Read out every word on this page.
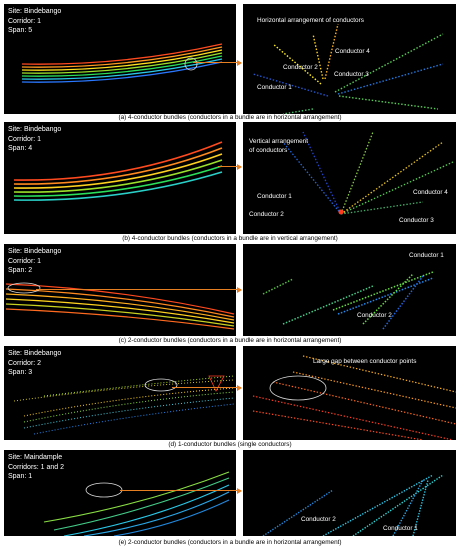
Site: Bindebango
Corridor: 1
Span: 5
Horizontal arrangement of conductors
Conductor 4
Conductor 2
Conductor 3
Conductor 1
(a) 4-conductor bundles (conductors in a bundle are in horizontal arrangement)
Site: Bindebango
Corridor: 1
Span: 4
Vertical arrangement
of conductors
Conductor 1
Conductor 4
Conductor 2
Conductor 3
(b) 4-conductor bundles (conductors in a bundle are in vertical arrangement)
Site: Bindebango
Corridor: 1
Span: 2
Conductor 1
Conductor 2
(c) 2-conductor bundles (conductors in a bundle are in horizontal arrangement)
Site: Bindebango
Corridor: 2
Span: 3
Large gap between conductor points
(d) 1-conductor bundles (single conductors)
Site: Maindample
Corridors: 1 and 2
Span: 1
Conductor 2
Conductor 1
(e) 2-conductor bundles (conductors in a bundle are in horizontal arrangement)
